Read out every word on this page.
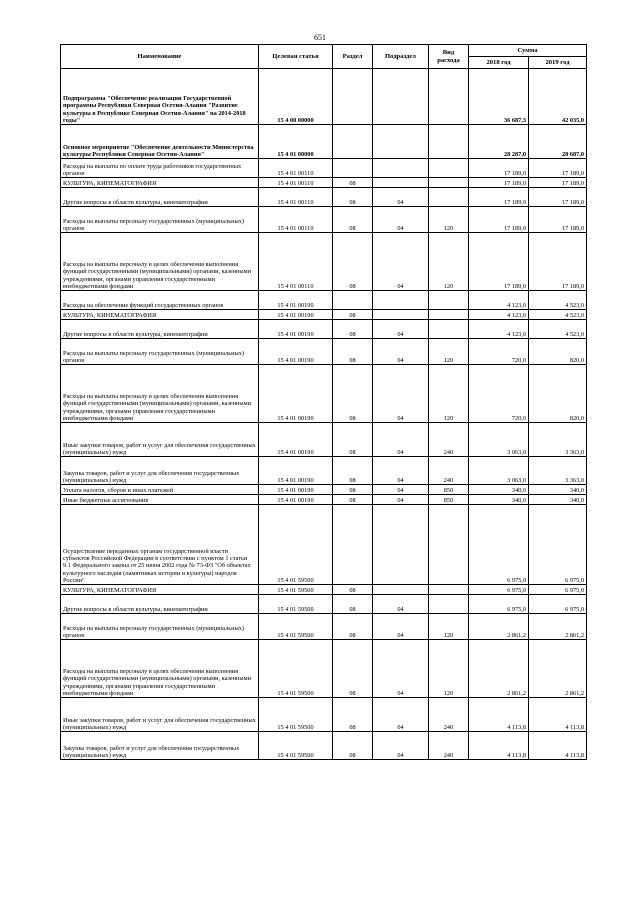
651
Наименование	Целевая статья	Раздел	Подраздел	Вид расхода	Сумма	
					2018 год	2019 год
Подпрограмма "Обеспечение реализации Государственной программы Республики Северная Осетия-Алания "Развитие культуры в Республике Северная Осетия-Алания" на 2014-2018 годы"	15 4 00 00000				36 687,3	42 035,0
Основное мероприятие "Обеспечение деятельности Министерства культуры Республики Северная Осетия-Алания"	15 4 01 00000				28 287,0	28 687,0
Расходы на выплаты по оплате труда работников государственных органов	15 4 01 00110				17 189,0	17 189,0
КУЛЬТУРА, КИНЕМАТОГРАФИЯ	15 4 01 00110	08			17 189,0	17 189,0
Другие вопросы в области культуры, кинематографии	15 4 01 00110	08	04		17 189,0	17 189,0
Расходы на выплаты персоналу государственных (муниципальных) органов	15 4 01 00110	08	04	120	17 189,0	17 189,0
Расходы на выплаты персоналу в целях обеспечения выполнения функций государственными (муниципальными) органами, казенными учреждениями, органами управления государственными внебюджетными фондами	15 4 01 00110	08	04	120	17 189,0	17 189,0
Расходы на обеспечение функций государственных органов	15 4 01 00190				4 123,0	4 523,0
КУЛЬТУРА, КИНЕМАТОГРАФИЯ	15 4 01 00190	08			4 123,0	4 523,0
Другие вопросы в области культуры, кинематографии	15 4 01 00190	08	04		4 123,0	4 523,0
Расходы на выплаты персоналу государственных (муниципальных) органов	15 4 01 00190	08	04	120	720,0	820,0
Расходы на выплаты персоналу в целях обеспечения выполнения функций государственными (муниципальными) органами, казенными учреждениями, органами управления государственными внебюджетными фондами	15 4 01 00190	08	04	120	720,0	820,0
Иные закупки товаров, работ и услуг для обеспечения государственных (муниципальных) нужд	15 4 01 00190	08	04	240	3 063,0	3 363,0
Закупка товаров, работ и услуг для обеспечения государственных (муниципальных) нужд	15 4 01 00190	08	04	240	3 063,0	3 363,0
Уплата налогов, сборов и иных платежей	15 4 01 00190	08	04	850	340,0	340,0
Иные бюджетные ассигнования	15 4 01 00190	08	04	850	340,0	340,0
Осуществление переданных органам государственной власти субъектов Российской Федерации в соответствии с пунктом 1 статьи 9.1 Федерального закона от 25 июня 2002 года № 73-ФЗ "Об объектах культурного наследия (памятниках истории и культуры) народов России"	15 4 01 59500				6 975,0	6 975,0
КУЛЬТУРА, КИНЕМАТОГРАФИЯ	15 4 01 59500	08			6 975,0	6 975,0
Другие вопросы в области культуры, кинематографии	15 4 01 59500	08	04		6 975,0	6 975,0
Расходы на выплаты персоналу государственных (муниципальных) органов	15 4 01 59500	08	04	120	2 861,2	2 861,2
Расходы на выплаты персоналу в целях обеспечения выполнения функций государственными (муниципальными) органами, казенными учреждениями, органами управления государственными внебюджетными фондами	15 4 01 59500	08	04	120	2 861,2	2 861,2
Иные закупки товаров, работ и услуг для обеспечения государственных (муниципальных) нужд	15 4 01 59500	08	04	240	4 113,8	4 113,8
Закупка товаров, работ и услуг для обеспечения государственных (муниципальных) нужд	15 4 01 59500	08	04	240	4 113,8	4 113,8
